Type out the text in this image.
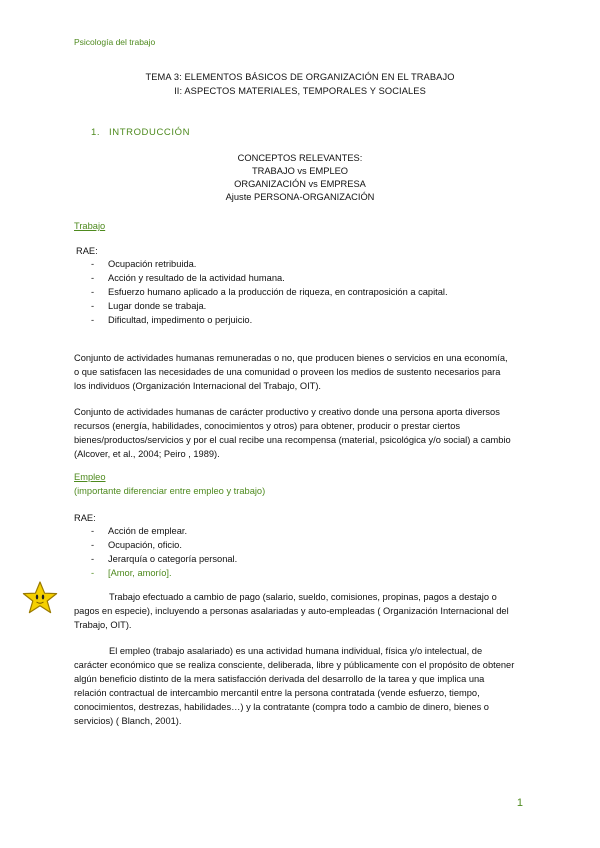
Psicología del trabajo
TEMA 3: ELEMENTOS BÁSICOS DE ORGANIZACIÓN EN EL TRABAJO
II: ASPECTOS MATERIALES, TEMPORALES Y SOCIALES
1. INTRODUCCIÓN
CONCEPTOS RELEVANTES:
TRABAJO vs EMPLEO
ORGANIZACIÓN vs EMPRESA
Ajuste PERSONA-ORGANIZACIÓN
Trabajo
RAE:
- Ocupación retribuida.
- Acción y resultado de la actividad humana.
- Esfuerzo humano aplicado a la producción de riqueza, en contraposición a capital.
- Lugar donde se trabaja.
- Dificultad, impedimento o perjuicio.
Conjunto de actividades humanas remuneradas o no, que producen bienes o servicios en una economía, o que satisfacen las necesidades de una comunidad o proveen los medios de sustento necesarios para los individuos (Organización Internacional del Trabajo, OIT).
Conjunto de actividades humanas de carácter productivo y creativo donde una persona aporta diversos recursos (energía, habilidades, conocimientos y otros) para obtener, producir o prestar ciertos bienes/productos/servicios y por el cual recibe una recompensa (material, psicológica y/o social) a cambio (Alcover, et al., 2004; Peiro , 1989).
Empleo
(importante diferenciar entre empleo y trabajo)
RAE:
- Acción de emplear.
- Ocupación, oficio.
- Jerarquía o categoría personal.
- [Amor, amorío].
Trabajo efectuado a cambio de pago (salario, sueldo, comisiones, propinas, pagos a destajo o pagos en especie), incluyendo a personas asalariadas y auto-empleadas ( Organización Internacional del Trabajo, OIT).
El empleo (trabajo asalariado) es una actividad humana individual, física y/o intelectual, de carácter económico que se realiza consciente, deliberada, libre y públicamente con el propósito de obtener algún beneficio distinto de la mera satisfacción derivada del desarrollo de la tarea y que implica una relación contractual de intercambio mercantil entre la persona contratada (vende esfuerzo, tiempo, conocimientos, destrezas, habilidades…) y la contratante (compra todo a cambio de dinero, bienes o servicios) ( Blanch, 2001).
1
